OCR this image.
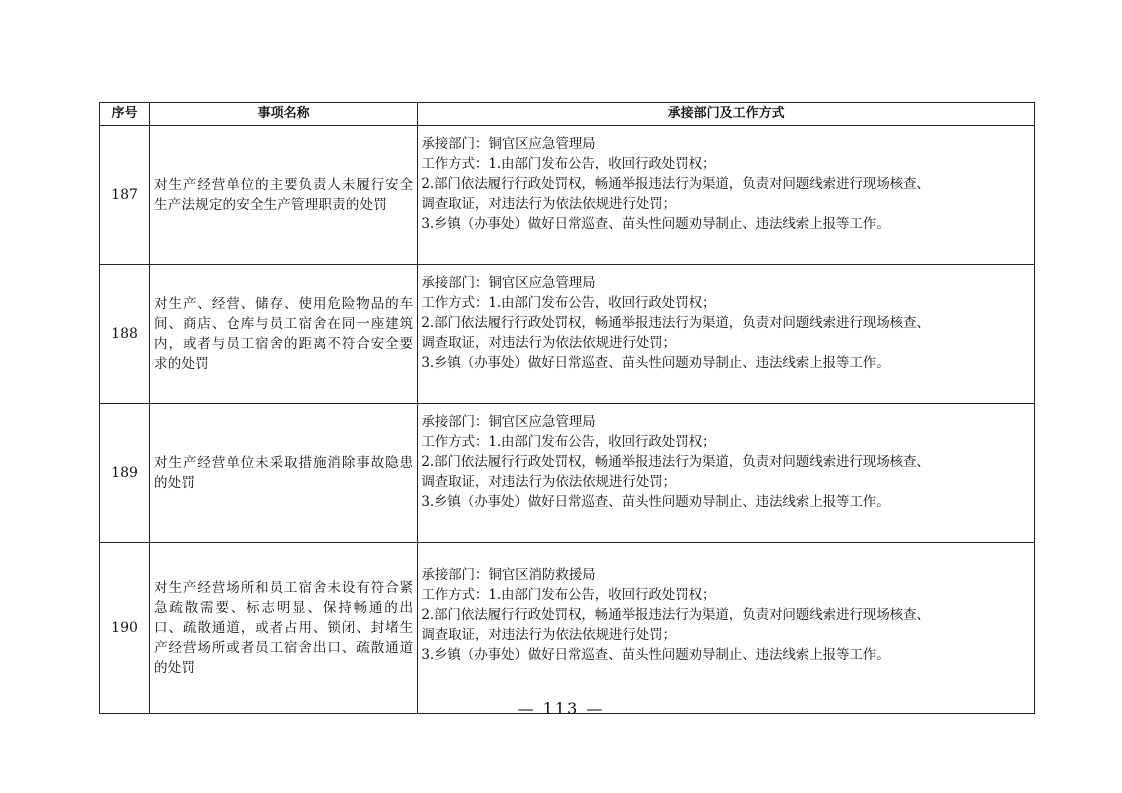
序号	事项名称	承接部门及工作方式
187	对生产经营单位的主要负责人未履行安全生产法规定的安全生产管理职责的处罚	承接部门：铜官区应急管理局
工作方式：1.由部门发布公告，收回行政处罚权；
2.部门依法履行行政处罚权，畅通举报违法行为渠道，负责对问题线索进行现场核查、
调查取证，对违法行为依法依规进行处罚；
3.乡镇（办事处）做好日常巡查、苗头性问题劝导制止、违法线索上报等工作。

188	对生产、经营、储存、使用危险物品的车间、商店、仓库与员工宿舍在同一座建筑内，或者与员工宿舍的距离不符合安全要求的处罚	承接部门：铜官区应急管理局
工作方式：1.由部门发布公告，收回行政处罚权；
2.部门依法履行行政处罚权，畅通举报违法行为渠道，负责对问题线索进行现场核查、
调查取证，对违法行为依法依规进行处罚；
3.乡镇（办事处）做好日常巡查、苗头性问题劝导制止、违法线索上报等工作。

189	对生产经营单位未采取措施消除事故隐患的处罚	承接部门：铜官区应急管理局
工作方式：1.由部门发布公告，收回行政处罚权；
2.部门依法履行行政处罚权，畅通举报违法行为渠道，负责对问题线索进行现场核查、
调查取证，对违法行为依法依规进行处罚；
3.乡镇（办事处）做好日常巡查、苗头性问题劝导制止、违法线索上报等工作。

190	对生产经营场所和员工宿舍未设有符合紧急疏散需要、标志明显、保持畅通的出口、疏散通道，或者占用、锁闭、封堵生产经营场所或者员工宿舍出口、疏散通道的处罚	承接部门：铜官区消防救援局
工作方式：1.由部门发布公告，收回行政处罚权；
2.部门依法履行行政处罚权，畅通举报违法行为渠道，负责对问题线索进行现场核查、
调查取证，对违法行为依法依规进行处罚；
3.乡镇（办事处）做好日常巡查、苗头性问题劝导制止、违法线索上报等工作。
— 113 —
